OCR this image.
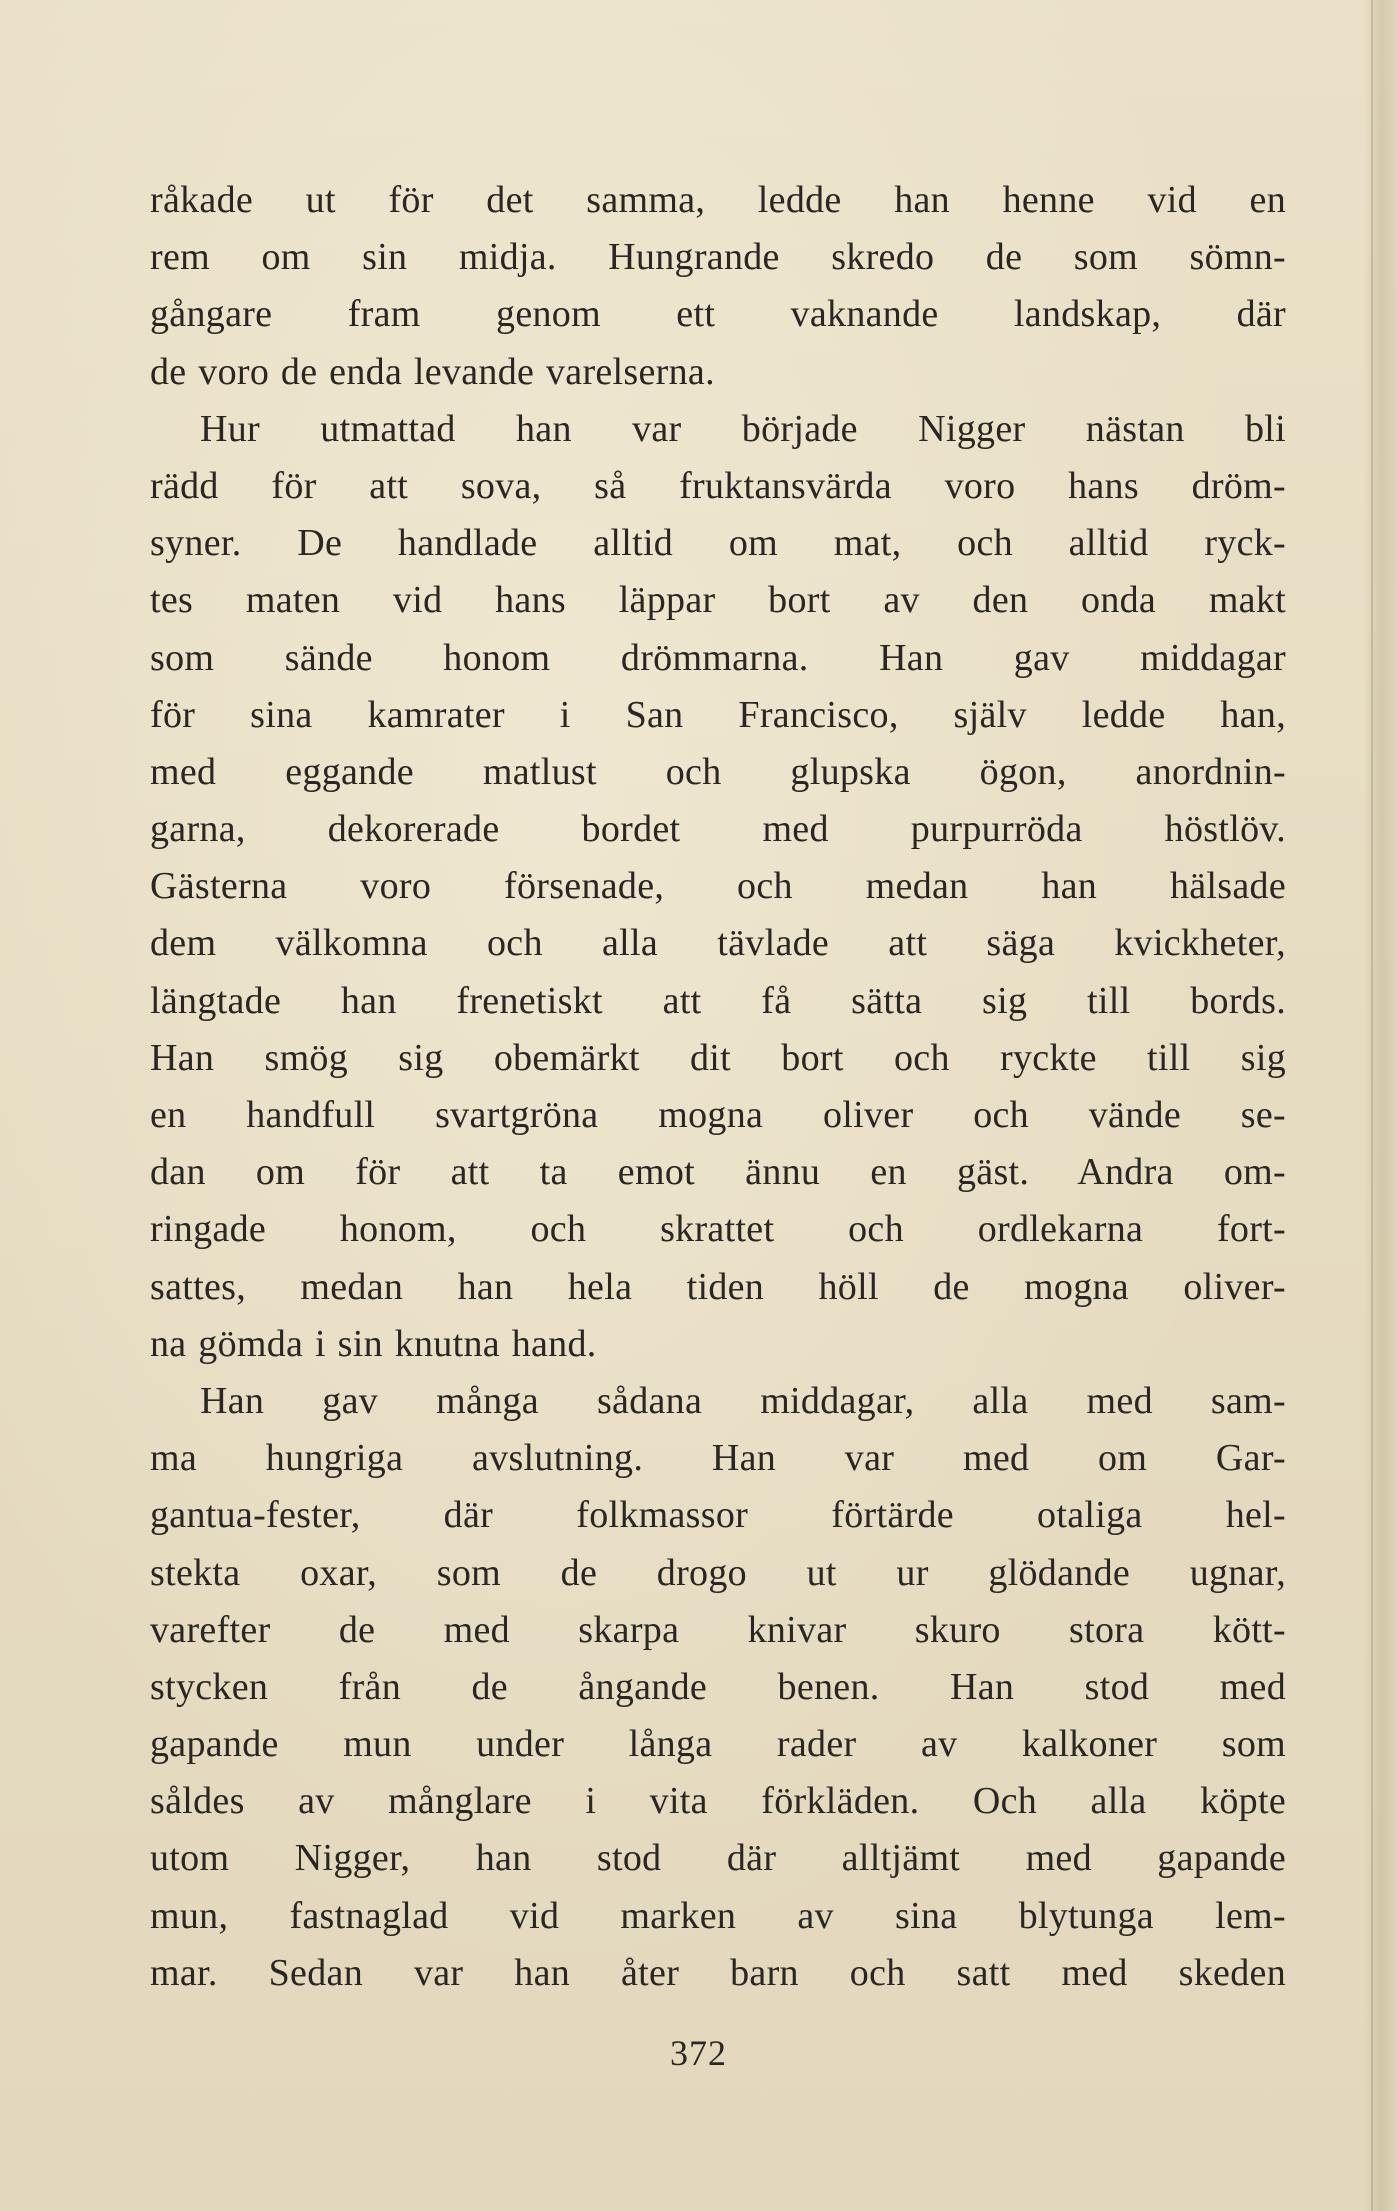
råkade ut för det samma, ledde han henne vid en
rem om sin midja. Hungrande skredo de som sömn-
gångare fram genom ett vaknande landskap, där
de voro de enda levande varelserna.
Hur utmattad han var började Nigger nästan bli
rädd för att sova, så fruktansvärda voro hans dröm-
syner. De handlade alltid om mat, och alltid ryck-
tes maten vid hans läppar bort av den onda makt
som sände honom drömmarna. Han gav middagar
för sina kamrater i San Francisco, själv ledde han,
med eggande matlust och glupska ögon, anordnin-
garna, dekorerade bordet med purpurröda höstlöv.
Gästerna voro försenade, och medan han hälsade
dem välkomna och alla tävlade att säga kvickheter,
längtade han frenetiskt att få sätta sig till bords.
Han smög sig obemärkt dit bort och ryckte till sig
en handfull svartgröna mogna oliver och vände se-
dan om för att ta emot ännu en gäst. Andra om-
ringade honom, och skrattet och ordlekarna fort-
sattes, medan han hela tiden höll de mogna oliver-
na gömda i sin knutna hand.
Han gav många sådana middagar, alla med sam-
ma hungriga avslutning. Han var med om Gar-
gantua-fester, där folkmassor förtärde otaliga hel-
stekta oxar, som de drogo ut ur glödande ugnar,
varefter de med skarpa knivar skuro stora kött-
stycken från de ångande benen. Han stod med
gapande mun under långa rader av kalkoner som
såldes av månglare i vita förkläden. Och alla köpte
utom Nigger, han stod där alltjämt med gapande
mun, fastnaglad vid marken av sina blytunga lem-
mar. Sedan var han åter barn och satt med skeden
372
